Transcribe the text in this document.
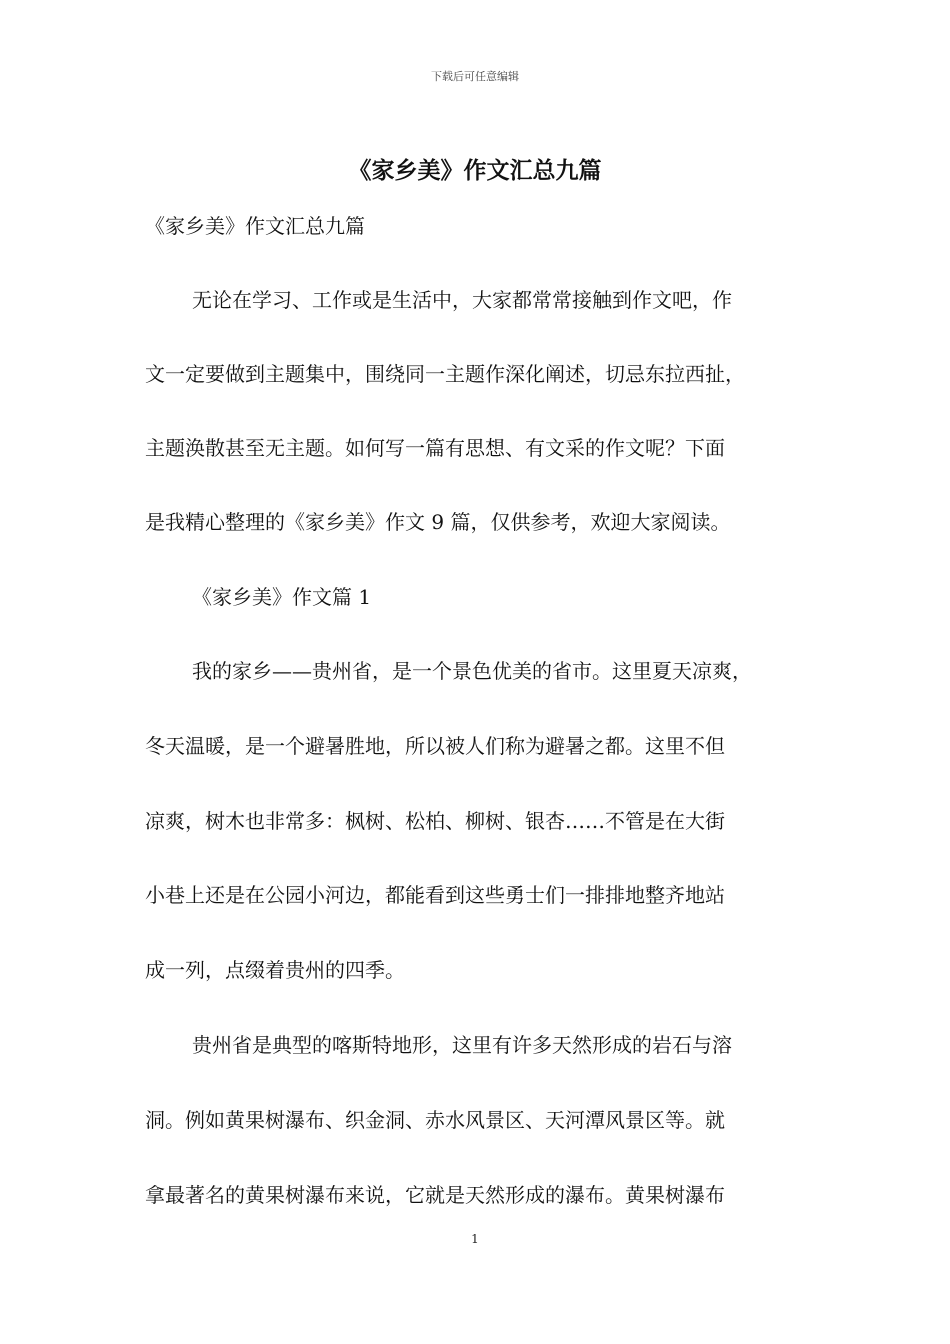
下载后可任意编辑
《家乡美》作文汇总九篇

《家乡美》作文汇总九篇

无论在学习、工作或是生活中，大家都常常接触到作文吧，作

文一定要做到主题集中，围绕同一主题作深化阐述，切忌东拉西扯，

主题涣散甚至无主题。如何写一篇有思想、有文采的作文呢？下面

是我精心整理的《家乡美》作文 9 篇，仅供参考，欢迎大家阅读。

《家乡美》作文篇 1

我的家乡——贵州省，是一个景色优美的省市。这里夏天凉爽，

冬天温暖，是一个避暑胜地，所以被人们称为避暑之都。这里不但

凉爽，树木也非常多：枫树、松柏、柳树、银杏……不管是在大街

小巷上还是在公园小河边，都能看到这些勇士们一排排地整齐地站

成一列，点缀着贵州的四季。

贵州省是典型的喀斯特地形，这里有许多天然形成的岩石与溶

洞。例如黄果树瀑布、织金洞、赤水风景区、天河潭风景区等。就

拿最著名的黄果树瀑布来说，它就是天然形成的瀑布。黄果树瀑布

1
